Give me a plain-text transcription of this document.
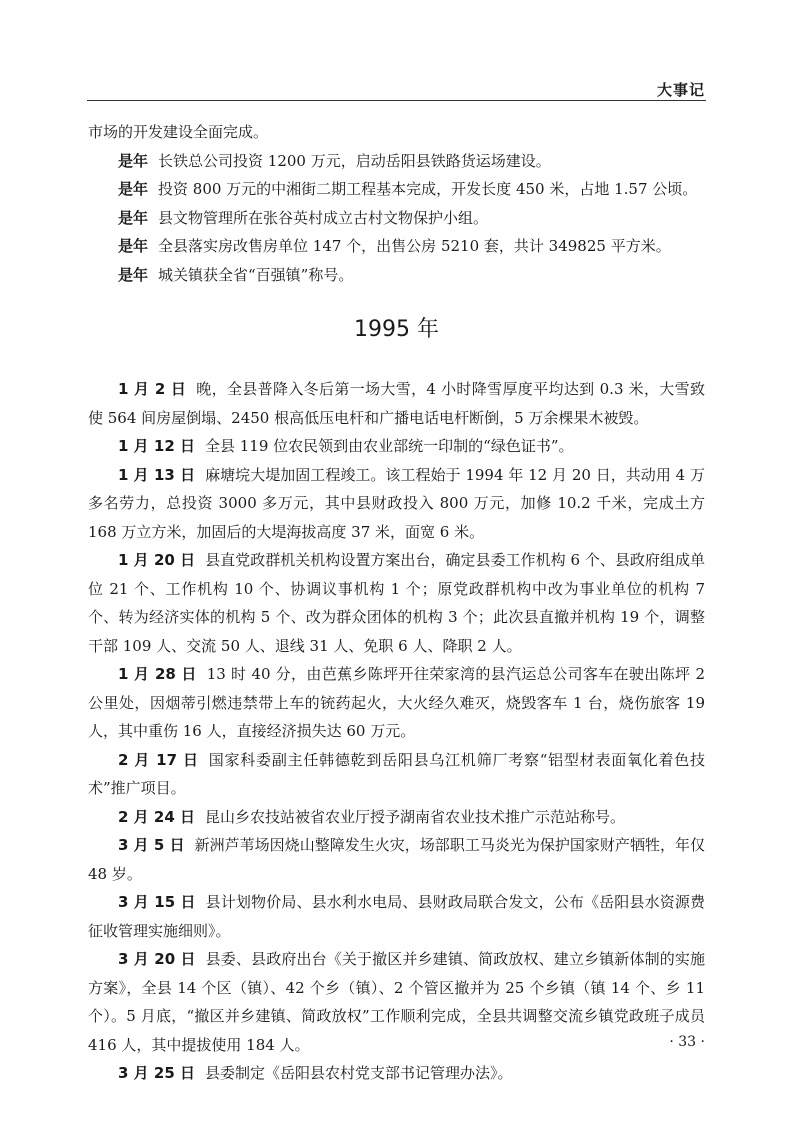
大事记

市场的开发建设全面完成。

是年 长铁总公司投资 1200 万元，启动岳阳县铁路货运场建设。

是年 投资 800 万元的中湘街二期工程基本完成，开发长度 450 米，占地 1.57 公顷。

是年 县文物管理所在张谷英村成立古村文物保护小组。

是年 全县落实房改售房单位 147 个，出售公房 5210 套，共计 349825 平方米。

是年 城关镇获全省“百强镇”称号。

1995 年

1 月 2 日 晚，全县普降入冬后第一场大雪，4 小时降雪厚度平均达到 0.3 米，大雪致使 564 间房屋倒塌、2450 根高低压电杆和广播电话电杆断倒，5 万余棵果木被毁。

1 月 12 日 全县 119 位农民领到由农业部统一印制的“绿色证书”。

1 月 13 日 麻塘垸大堤加固工程竣工。该工程始于 1994 年 12 月 20 日，共动用 4 万多名劳力，总投资 3000 多万元，其中县财政投入 800 万元，加修 10.2 千米，完成土方 168 万立方米，加固后的大堤海拔高度 37 米，面宽 6 米。

1 月 20 日 县直党政群机关机构设置方案出台，确定县委工作机构 6 个、县政府组成单位 21 个、工作机构 10 个、协调议事机构 1 个；原党政群机构中改为事业单位的机构 7 个、转为经济实体的机构 5 个、改为群众团体的机构 3 个；此次县直撤并机构 19 个，调整干部 109 人、交流 50 人、退线 31 人、免职 6 人、降职 2 人。

1 月 28 日 13 时 40 分，由芭蕉乡陈坪开往荣家湾的县汽运总公司客车在驶出陈坪 2 公里处，因烟蒂引燃违禁带上车的铳药起火，大火经久难灭，烧毁客车 1 台，烧伤旅客 19 人，其中重伤 16 人，直接经济损失达 60 万元。

2 月 17 日 国家科委副主任韩德乾到岳阳县乌江机筛厂考察“铝型材表面氧化着色技术”推广项目。

2 月 24 日 昆山乡农技站被省农业厅授予湖南省农业技术推广示范站称号。

3 月 5 日 新洲芦苇场因烧山整障发生火灾，场部职工马炎光为保护国家财产牺牲，年仅 48 岁。

3 月 15 日 县计划物价局、县水利水电局、县财政局联合发文，公布《岳阳县水资源费征收管理实施细则》。

3 月 20 日 县委、县政府出台《关于撤区并乡建镇、简政放权、建立乡镇新体制的实施方案》，全县 14 个区（镇）、42 个乡（镇）、2 个管区撤并为 25 个乡镇（镇 14 个、乡 11 个）。5 月底，“撤区并乡建镇、简政放权”工作顺利完成，全县共调整交流乡镇党政班子成员 416 人，其中提拔使用 184 人。

3 月 25 日 县委制定《岳阳县农村党支部书记管理办法》。

· 33 ·
